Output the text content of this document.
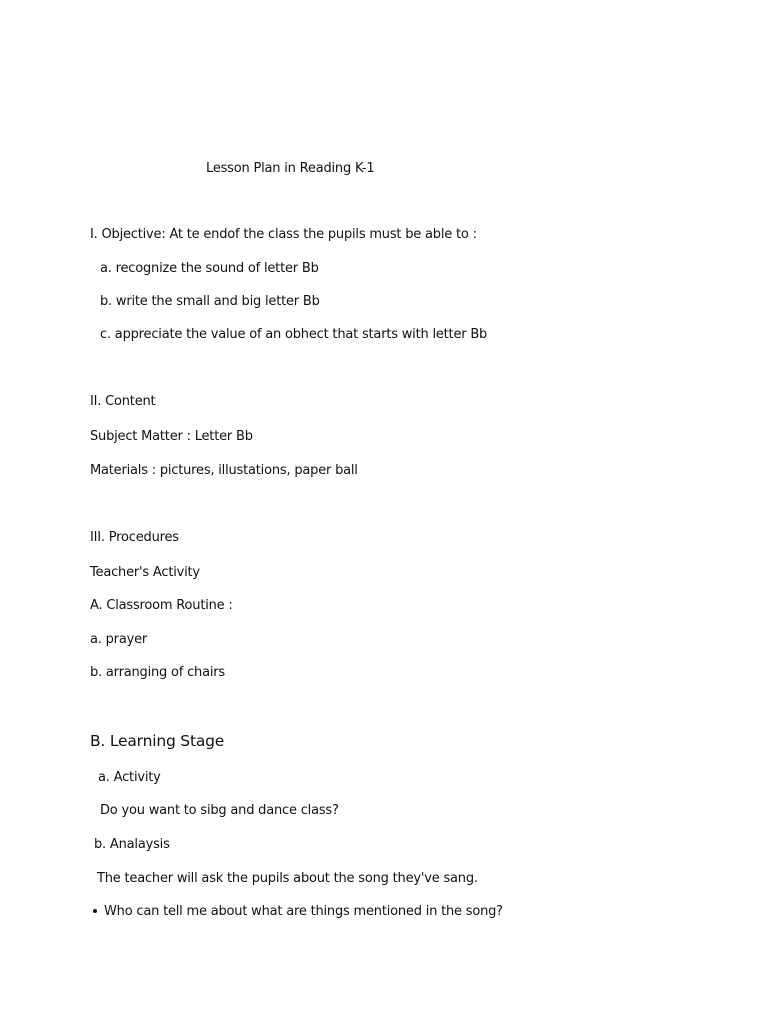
Lesson Plan in Reading K-1
I. Objective: At te endof the class the pupils must be able to :
a. recognize the sound of letter Bb
b. write the small and big letter Bb
c. appreciate the value of an obhect that starts with letter Bb
II. Content
Subject Matter : Letter Bb
Materials : pictures, illustations, paper ball
III. Procedures
Teacher's Activity
A. Classroom Routine :
a. prayer
b. arranging of chairs
B. Learning Stage
a. Activity
Do you want to sibg and dance class?
b. Analaysis
The teacher will ask the pupils about the song they've sang.
Who can tell me about what are things mentioned in the song?
